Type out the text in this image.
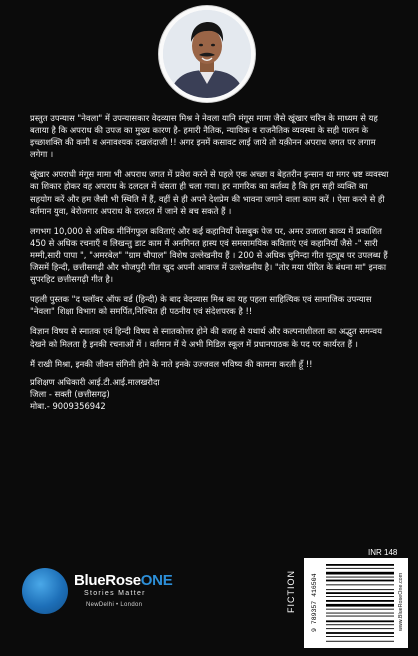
प्रस्तुत उपन्यास "नेवला" में उपन्यासकार वेदव्यास मिश्र ने नेवला यानि मंगूस मामा जैसे खूंखार चरित्र के माध्यम से यह बताया है कि अपराध की उपज का मुख्य कारण है- हमारी नैतिक, न्यायिक व राजनैतिक व्यवस्था के सही पालन के इच्छाशक्ति की कमी व अनावश्यक दखलंदाजी !! अगर इनमें कसावट लाई जाये तो यक़ीनन अपराध जगत पर लगाम लगेगा ।

खूंखार अपराधी मंगूस मामा भी अपराध जगत में प्रवेश करने से पहले एक अच्छा व बेहतरीन इन्सान था मगर भ्रष्ट व्यवस्था का शिकार होकर वह अपराध के दलदल में धंसता ही चला गया। हर नागरिक का कर्तव्य है कि हम सही व्यक्ति का सहयोग करें और हम जैसी भी स्थिति में हैं, वहीं से ही अपने देशप्रेम की भावना जगाने वाला काम करें । ऐसा करने से ही वर्तमान युवा, बेरोजगार अपराध के दलदल में जाने से बच सकते हैं ।

लगभग 10,000 से अधिक मीनिंगफुल कविताएं और कई कहानियाँ फेसबुक पेज पर, अमर उजाला काव्य में प्रकाशित 450 से अधिक रचनाएँ व लिखन्तु डाट काम में अनगिनत हास्य एवं समसामयिक कविताएं एवं कहानियाँ जैसे -" सारी मम्मी,सारी पापा ", "अमरबेल" "ग्राम चौपाल" विशेष उल्लेखनीय हैं । 200 से अधिक चुनिन्दा गीत यूट्यूब पर उपलब्ध हैं जिसमें हिन्दी, छत्तीसगढ़ी और भोजपुरी गीत खुद अपनी आवाज में उल्लेखनीय है। "तोर मया पीरित के बंधना मा" इनका सुपरहिट छत्तीसगढ़ी गीत है।

पहली पुस्तक "द फ्लॉवर ऑफ वर्ड (हिन्दी) के बाद वेदव्यास मिश्र का यह पहला साहित्यिक एवं सामाजिक उपन्यास "नेवला" शिक्षा विभाग को समर्पित,निश्चित ही पठनीय एवं संदेशपरक है !!

विज्ञान विषय से स्नातक एवं हिन्दी विषय से स्नातकोत्तर होने की वजह से यथार्थ और कल्पनाशीलता का अद्भुत समन्वय देखने को मिलता है इनकी रचनाओं में । वर्तमान में ये अभी मिडिल स्कूल में प्रधानपाठक के पद पर कार्यरत हैं ।

मैं राखी मिश्रा, इनकी जीवन संगिनी होने के नाते इनके उज्जवल भविष्य की कामना करती हूँ !!

प्रशिक्षण अधिकारी आई.टी.आई.मालखरौदा
जिला - सक्ती (छत्तीसगढ़)
मोबा.- 9009356942

BlueRoseONE
Stories Matter
NewDelhi • London	FICTION
INR 148
9 789357 416504	www.BlueRoseOne.com
